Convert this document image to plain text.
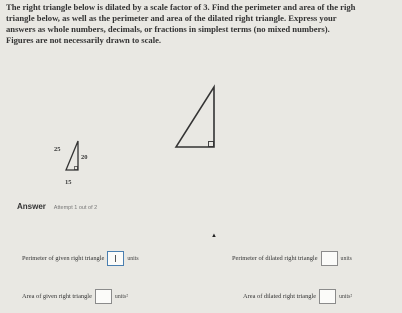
The right triangle below is dilated by a scale factor of 3. Find the perimeter and area of the righ
triangle below, as well as the perimeter and area of the dilated right triangle. Express your
answers as whole numbers, decimals, or fractions in simplest terms (no mixed numbers).
Figures are not necessarily drawn to scale.
25
20
15
Answer Attempt 1 out of 2
▲
Perimeter of given right triangle	units	Perimeter of dilated right triangle	units
Area of given right triangle	units²	Area of dilated right triangle	units²
